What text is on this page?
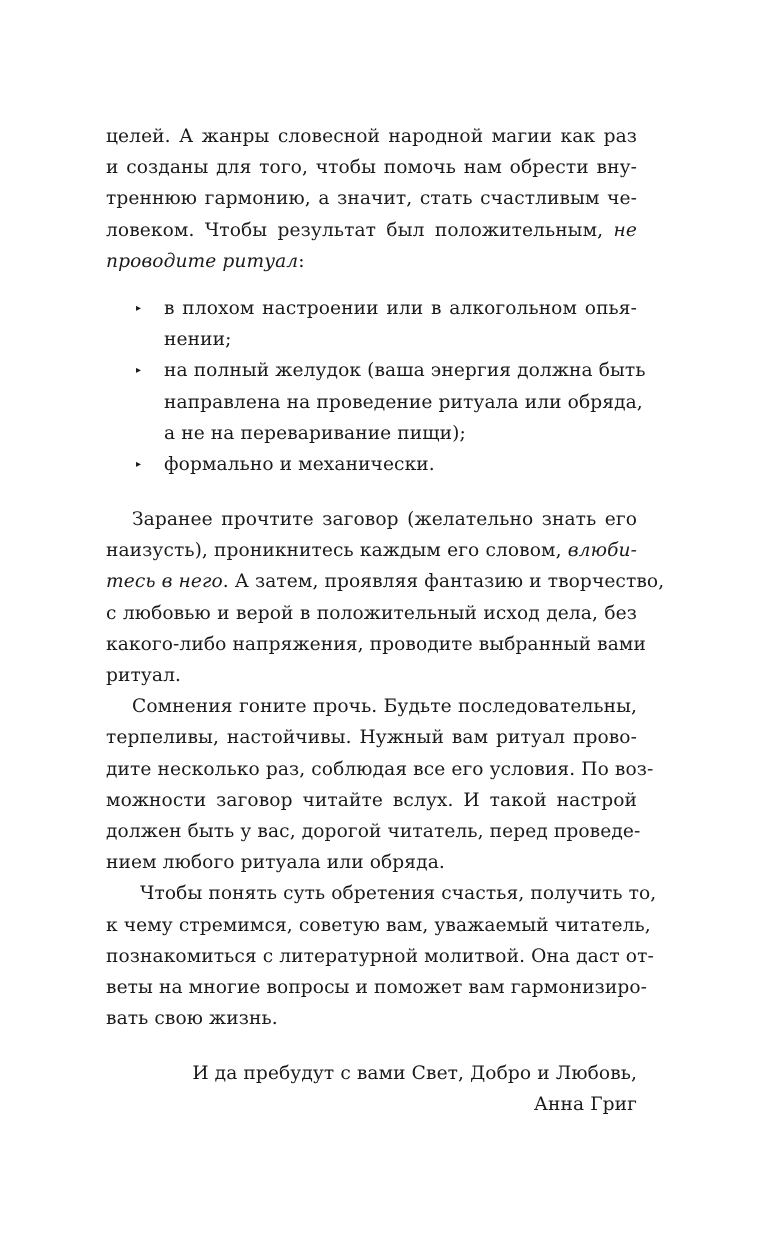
целей. А жанры словесной народной магии как раз
и созданы для того, чтобы помочь нам обрести вну-
треннюю гармонию, а значит, стать счастливым че-
ловеком. Чтобы результат был положительным, не
проводите ритуал:
▸ в плохом настроении или в алкогольном опья-
нении;
▸ на полный желудок (ваша энергия должна быть
направлена на проведение ритуала или обряда,
а не на переваривание пищи);
▸ формально и механически.
Заранее прочтите заговор (желательно знать его
наизусть), проникнитесь каждым его словом, влюби-
тесь в него. А затем, проявляя фантазию и творчество,
с любовью и верой в положительный исход дела, без
какого-либо напряжения, проводите выбранный вами
ритуал.
Сомнения гоните прочь. Будьте последовательны,
терпеливы, настойчивы. Нужный вам ритуал прово-
дите несколько раз, соблюдая все его условия. По воз-
можности заговор читайте вслух. И такой настрой
должен быть у вас, дорогой читатель, перед проведе-
нием любого ритуала или обряда.
Чтобы понять суть обретения счастья, получить то,
к чему стремимся, советую вам, уважаемый читатель,
познакомиться с литературной молитвой. Она даст от-
веты на многие вопросы и поможет вам гармонизиро-
вать свою жизнь.
И да пребудут с вами Свет, Добро и Любовь,
Анна Григ
